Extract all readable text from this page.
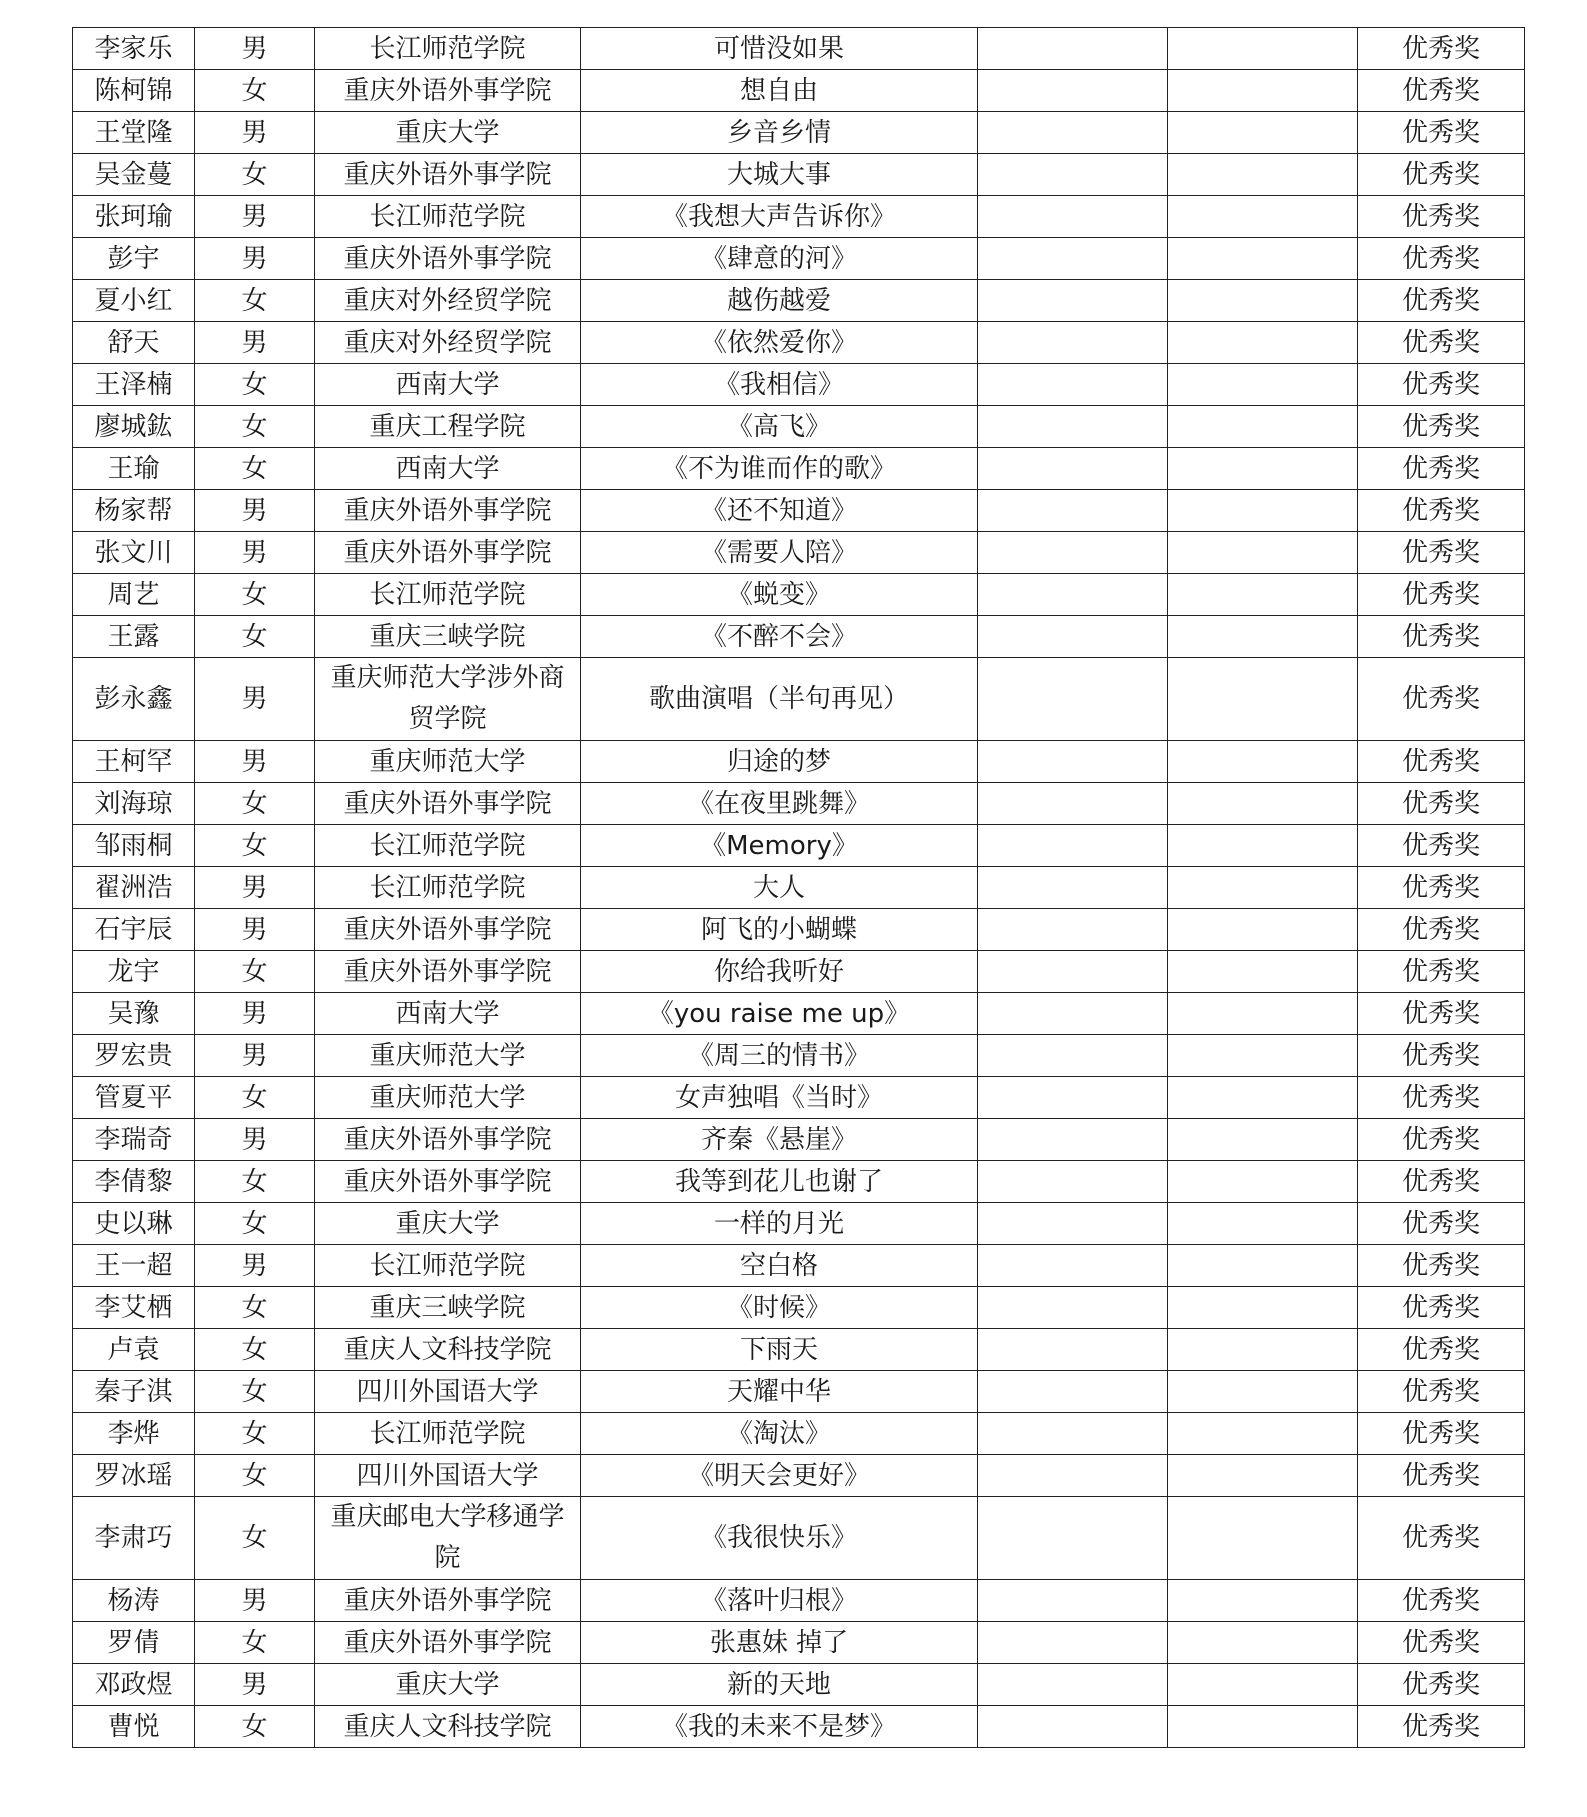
李家乐	男	长江师范学院	可惜没如果			优秀奖
陈柯锦	女	重庆外语外事学院	想自由			优秀奖
王堂隆	男	重庆大学	乡音乡情			优秀奖
吴金蔓	女	重庆外语外事学院	大城大事			优秀奖
张珂瑜	男	长江师范学院	《我想大声告诉你》			优秀奖
彭宇	男	重庆外语外事学院	《肆意的河》			优秀奖
夏小红	女	重庆对外经贸学院	越伤越爱			优秀奖
舒天	男	重庆对外经贸学院	《依然爱你》			优秀奖
王泽楠	女	西南大学	《我相信》			优秀奖
廖城鈜	女	重庆工程学院	《高飞》			优秀奖
王瑜	女	西南大学	《不为谁而作的歌》			优秀奖
杨家帮	男	重庆外语外事学院	《还不知道》			优秀奖
张文川	男	重庆外语外事学院	《需要人陪》			优秀奖
周艺	女	长江师范学院	《蜕变》			优秀奖
王露	女	重庆三峡学院	《不醉不会》			优秀奖
彭永鑫	男	重庆师范大学涉外商贸学院	歌曲演唱（半句再见）			优秀奖
王柯罕	男	重庆师范大学	归途的梦			优秀奖
刘海琼	女	重庆外语外事学院	《在夜里跳舞》			优秀奖
邹雨桐	女	长江师范学院	《Memory》			优秀奖
翟洲浩	男	长江师范学院	大人			优秀奖
石宇辰	男	重庆外语外事学院	阿飞的小蝴蝶			优秀奖
龙宇	女	重庆外语外事学院	你给我听好			优秀奖
吴豫	男	西南大学	《you raise me up》			优秀奖
罗宏贵	男	重庆师范大学	《周三的情书》			优秀奖
管夏平	女	重庆师范大学	女声独唱《当时》			优秀奖
李瑞奇	男	重庆外语外事学院	齐秦《悬崖》			优秀奖
李倩黎	女	重庆外语外事学院	我等到花儿也谢了			优秀奖
史以琳	女	重庆大学	一样的月光			优秀奖
王一超	男	长江师范学院	空白格			优秀奖
李艾栖	女	重庆三峡学院	《时候》			优秀奖
卢袁	女	重庆人文科技学院	下雨天			优秀奖
秦子淇	女	四川外国语大学	天耀中华			优秀奖
李烨	女	长江师范学院	《淘汰》			优秀奖
罗冰瑶	女	四川外国语大学	《明天会更好》			优秀奖
李肃巧	女	重庆邮电大学移通学院	《我很快乐》			优秀奖
杨涛	男	重庆外语外事学院	《落叶归根》			优秀奖
罗倩	女	重庆外语外事学院	张惠妹 掉了			优秀奖
邓政煜	男	重庆大学	新的天地			优秀奖
曹悦	女	重庆人文科技学院	《我的未来不是梦》			优秀奖
